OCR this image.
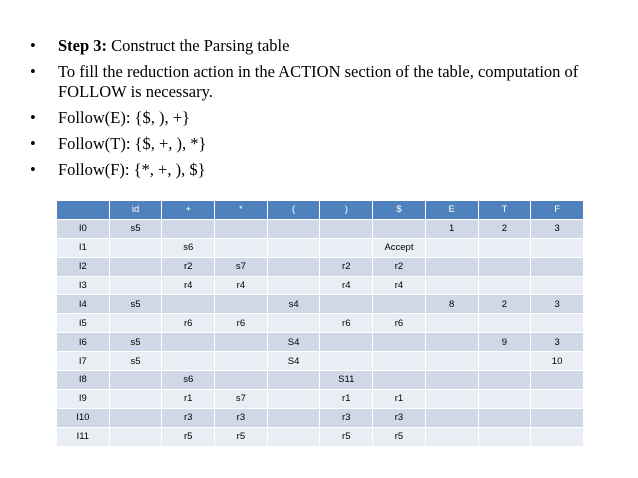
• Step 3: Construct the Parsing table
• To fill the reduction action in the ACTION section of the table, computation of FOLLOW is necessary.
• Follow(E): {$, ), +}
• Follow(T): {$, +, ), *}
• Follow(F): {*, +, ), $}
	id	+	*	(	)	$	E	T	F
I0	s5						1	2	3
I1		s6				Accept			
I2		r2	s7		r2	r2			
I3		r4	r4		r4	r4			
I4	s5			s4			8	2	3
I5		r6	r6		r6	r6			
I6	s5			S4				9	3
I7	s5			S4					10
I8		s6			S11				
I9		r1	s7		r1	r1			
I10		r3	r3		r3	r3			
I11		r5	r5		r5	r5			
